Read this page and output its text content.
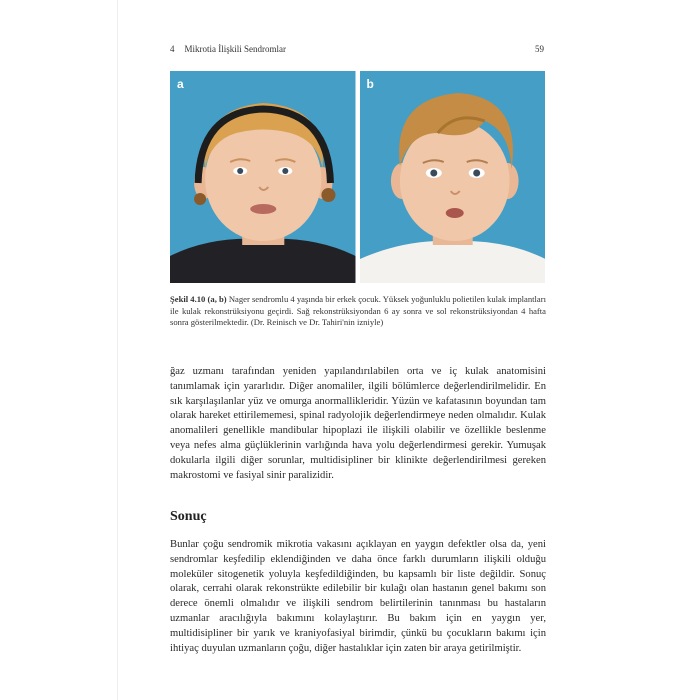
4 Mikrotia İlişkili Sendromlar	59
a	b
Şekil 4.10 (a, b) Nager sendromlu 4 yaşında bir erkek çocuk. Yüksek yoğunluklu polietilen kulak implantları ile kulak rekonstrüksiyonu geçirdi. Sağ rekonstrüksiyondan 6 ay sonra ve sol rekonstrüksiyondan 4 hafta sonra gösterilmektedir. (Dr. Reinisch ve Dr. Tahiri'nin izniyle)

ğaz uzmanı tarafından yeniden yapılandırılabilen orta ve iç kulak anatomisini tanımlamak için yararlıdır. Diğer anomaliler, ilgili bölümlerce değerlendirilmelidir. En sık karşılaşılanlar yüz ve omurga anormallikleridir. Yüzün ve kafatasının boyundan tam olarak hareket ettirilememesi, spinal radyolojik değerlendirmeye neden olmalıdır. Kulak anomalileri genellikle mandibular hipoplazi ile ilişkili olabilir ve özellikle beslenme veya nefes alma güçlüklerinin varlığında hava yolu değerlendirmesi gerekir. Yumuşak dokularla ilgili diğer sorunlar, multidisipliner bir klinikte değerlendirilmesi gereken makrostomi ve fasiyal sinir paralizidir.

Sonuç

Bunlar çoğu sendromik mikrotia vakasını açıklayan en yaygın defektler olsa da, yeni sendromlar keşfedilip eklendiğinden ve daha önce farklı durumların ilişkili olduğu moleküler sitogenetik yoluyla keşfedildiğinden, bu kapsamlı bir liste değildir. Sonuç olarak, cerrahi olarak rekonstrükte edilebilir bir kulağı olan hastanın genel bakımı son derece önemli olmalıdır ve ilişkili sendrom belirtilerinin tanınması bu hastaların uzmanlar aracılığıyla bakımını kolaylaştırır. Bu bakım için en yaygın yer, multidisipliner bir yarık ve kraniyofasiyal birimdir, çünkü bu çocukların bakımı için ihtiyaç duyulan uzmanların çoğu, diğer hastalıklar için zaten bir araya getirilmiştir.
